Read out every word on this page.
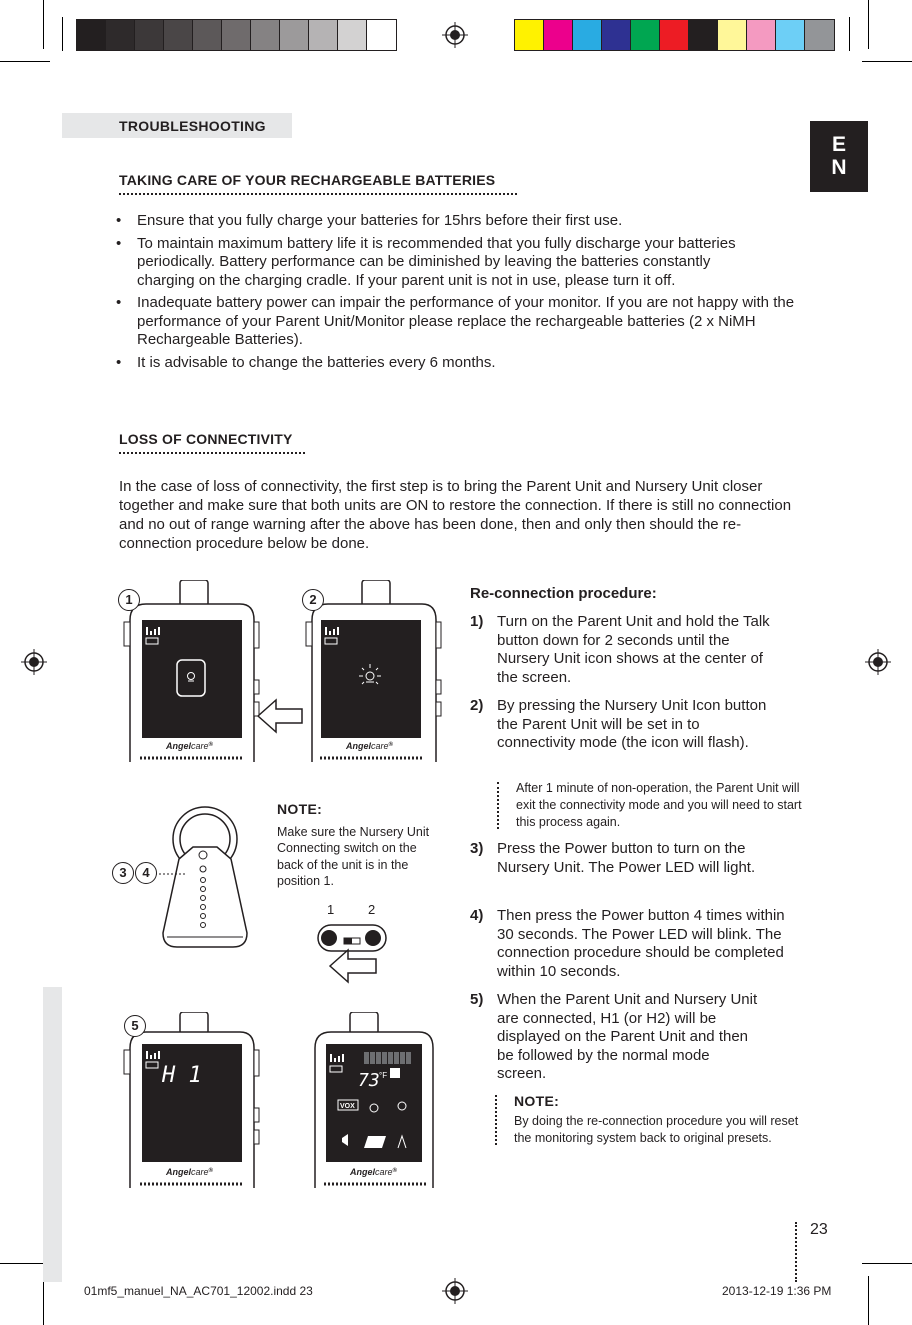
TROUBLESHOOTING
E
N
TAKING CARE OF YOUR RECHARGEABLE BATTERIES
• Ensure that you fully charge your batteries for 15hrs before their first use.
• To maintain maximum battery life it is recommended that you fully discharge your batteries periodically. Battery performance can be diminished by leaving the batteries constantly charging on the charging cradle. If your parent unit is not in use, please turn it off.
• Inadequate battery power can impair the performance of your monitor. If you are not happy with the performance of your Parent Unit/Monitor please replace the rechargeable batteries (2 x NiMH Rechargeable Batteries).
• It is advisable to change the batteries every 6 months.
LOSS OF CONNECTIVITY
In the case of loss of connectivity, the first step is to bring the Parent Unit and Nursery Unit closer together and make sure that both units are ON to restore the connection. If there is still no connection and no out of range warning after the above has been done, then and only then should the re-connection procedure below be done.
Angelcare®
1
Angelcare®
2
3	4
NOTE:
Make sure the Nursery Unit Connecting switch on the back of the unit is in the position 1.
1	2
H 1
Angelcare®
5
73 °F
VOX
Angelcare®
Re-connection procedure:
1) Turn on the Parent Unit and hold the Talk button down for 2 seconds until the Nursery Unit icon shows at the center of the screen.
2) By pressing the Nursery Unit Icon button the Parent Unit will be set in to connectivity mode (the icon will flash).
After 1 minute of non-operation, the Parent Unit will exit the connectivity mode and you will need to start this process again.
3) Press the Power button to turn on the Nursery Unit. The Power LED will light.
4) Then press the Power button 4 times within 30 seconds. The Power LED will blink. The connection procedure should be completed within 10 seconds.
5) When the Parent Unit and Nursery Unit are connected, H1 (or H2) will be displayed on the Parent Unit and then be followed by the normal mode screen.
NOTE:
By doing the re-connection procedure you will reset the monitoring system back to original presets.
23
01mf5_manuel_NA_AC701_12002.indd 23	2013-12-19 1:36 PM
